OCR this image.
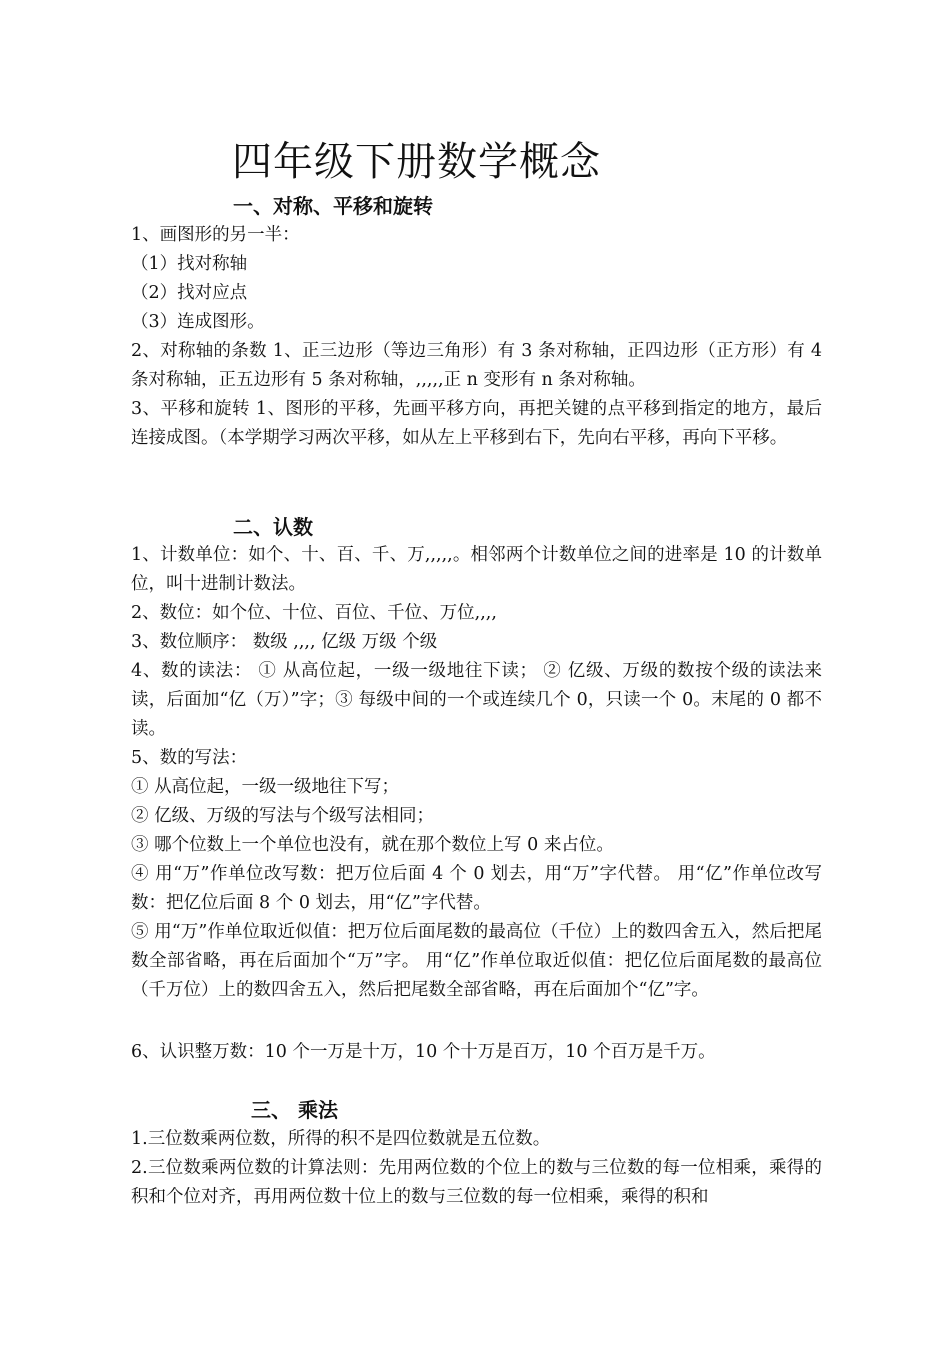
四年级下册数学概念
一、对称、平移和旋转

1、画图形的另一半：

（1）找对称轴

（2）找对应点

（3）连成图形。

2、对称轴的条数 1、正三边形（等边三角形）有 3 条对称轴，正四边形（正方形）有 4 条对称轴，正五边形有 5 条对称轴，,,,,,正 n 变形有 n 条对称轴。

3、平移和旋转 1、图形的平移，先画平移方向，再把关键的点平移到指定的地方，最后连接成图。（本学期学习两次平移，如从左上平移到右下，先向右平移，再向下平移。

二、认数

1、计数单位：如个、十、百、千、万,,,,,。相邻两个计数单位之间的进率是 10 的计数单位，叫十进制计数法。

2、数位：如个位、十位、百位、千位、万位,,,,

3、数位顺序： 数级 ,,,, 亿级 万级 个级

4、数的读法： ① 从高位起，一级一级地往下读； ② 亿级、万级的数按个级的读法来读，后面加“亿（万）”字；③ 每级中间的一个或连续几个 0，只读一个 0。末尾的 0 都不读。

5、数的写法：

① 从高位起，一级一级地往下写；

② 亿级、万级的写法与个级写法相同；

③ 哪个位数上一个单位也没有，就在那个数位上写 0 来占位。

④ 用“万”作单位改写数：把万位后面 4 个 0 划去，用“万”字代替。 用“亿”作单位改写数：把亿位后面 8 个 0 划去，用“亿”字代替。

⑤ 用“万”作单位取近似值：把万位后面尾数的最高位（千位）上的数四舍五入，然后把尾数全部省略，再在后面加个“万”字。 用“亿”作单位取近似值：把亿位后面尾数的最高位（千万位）上的数四舍五入，然后把尾数全部省略，再在后面加个“亿”字。

6、认识整万数：10 个一万是十万，10 个十万是百万，10 个百万是千万。

三、 乘法

1.三位数乘两位数，所得的积不是四位数就是五位数。

2.三位数乘两位数的计算法则：先用两位数的个位上的数与三位数的每一位相乘，乘得的积和个位对齐，再用两位数十位上的数与三位数的每一位相乘，乘得的积和
